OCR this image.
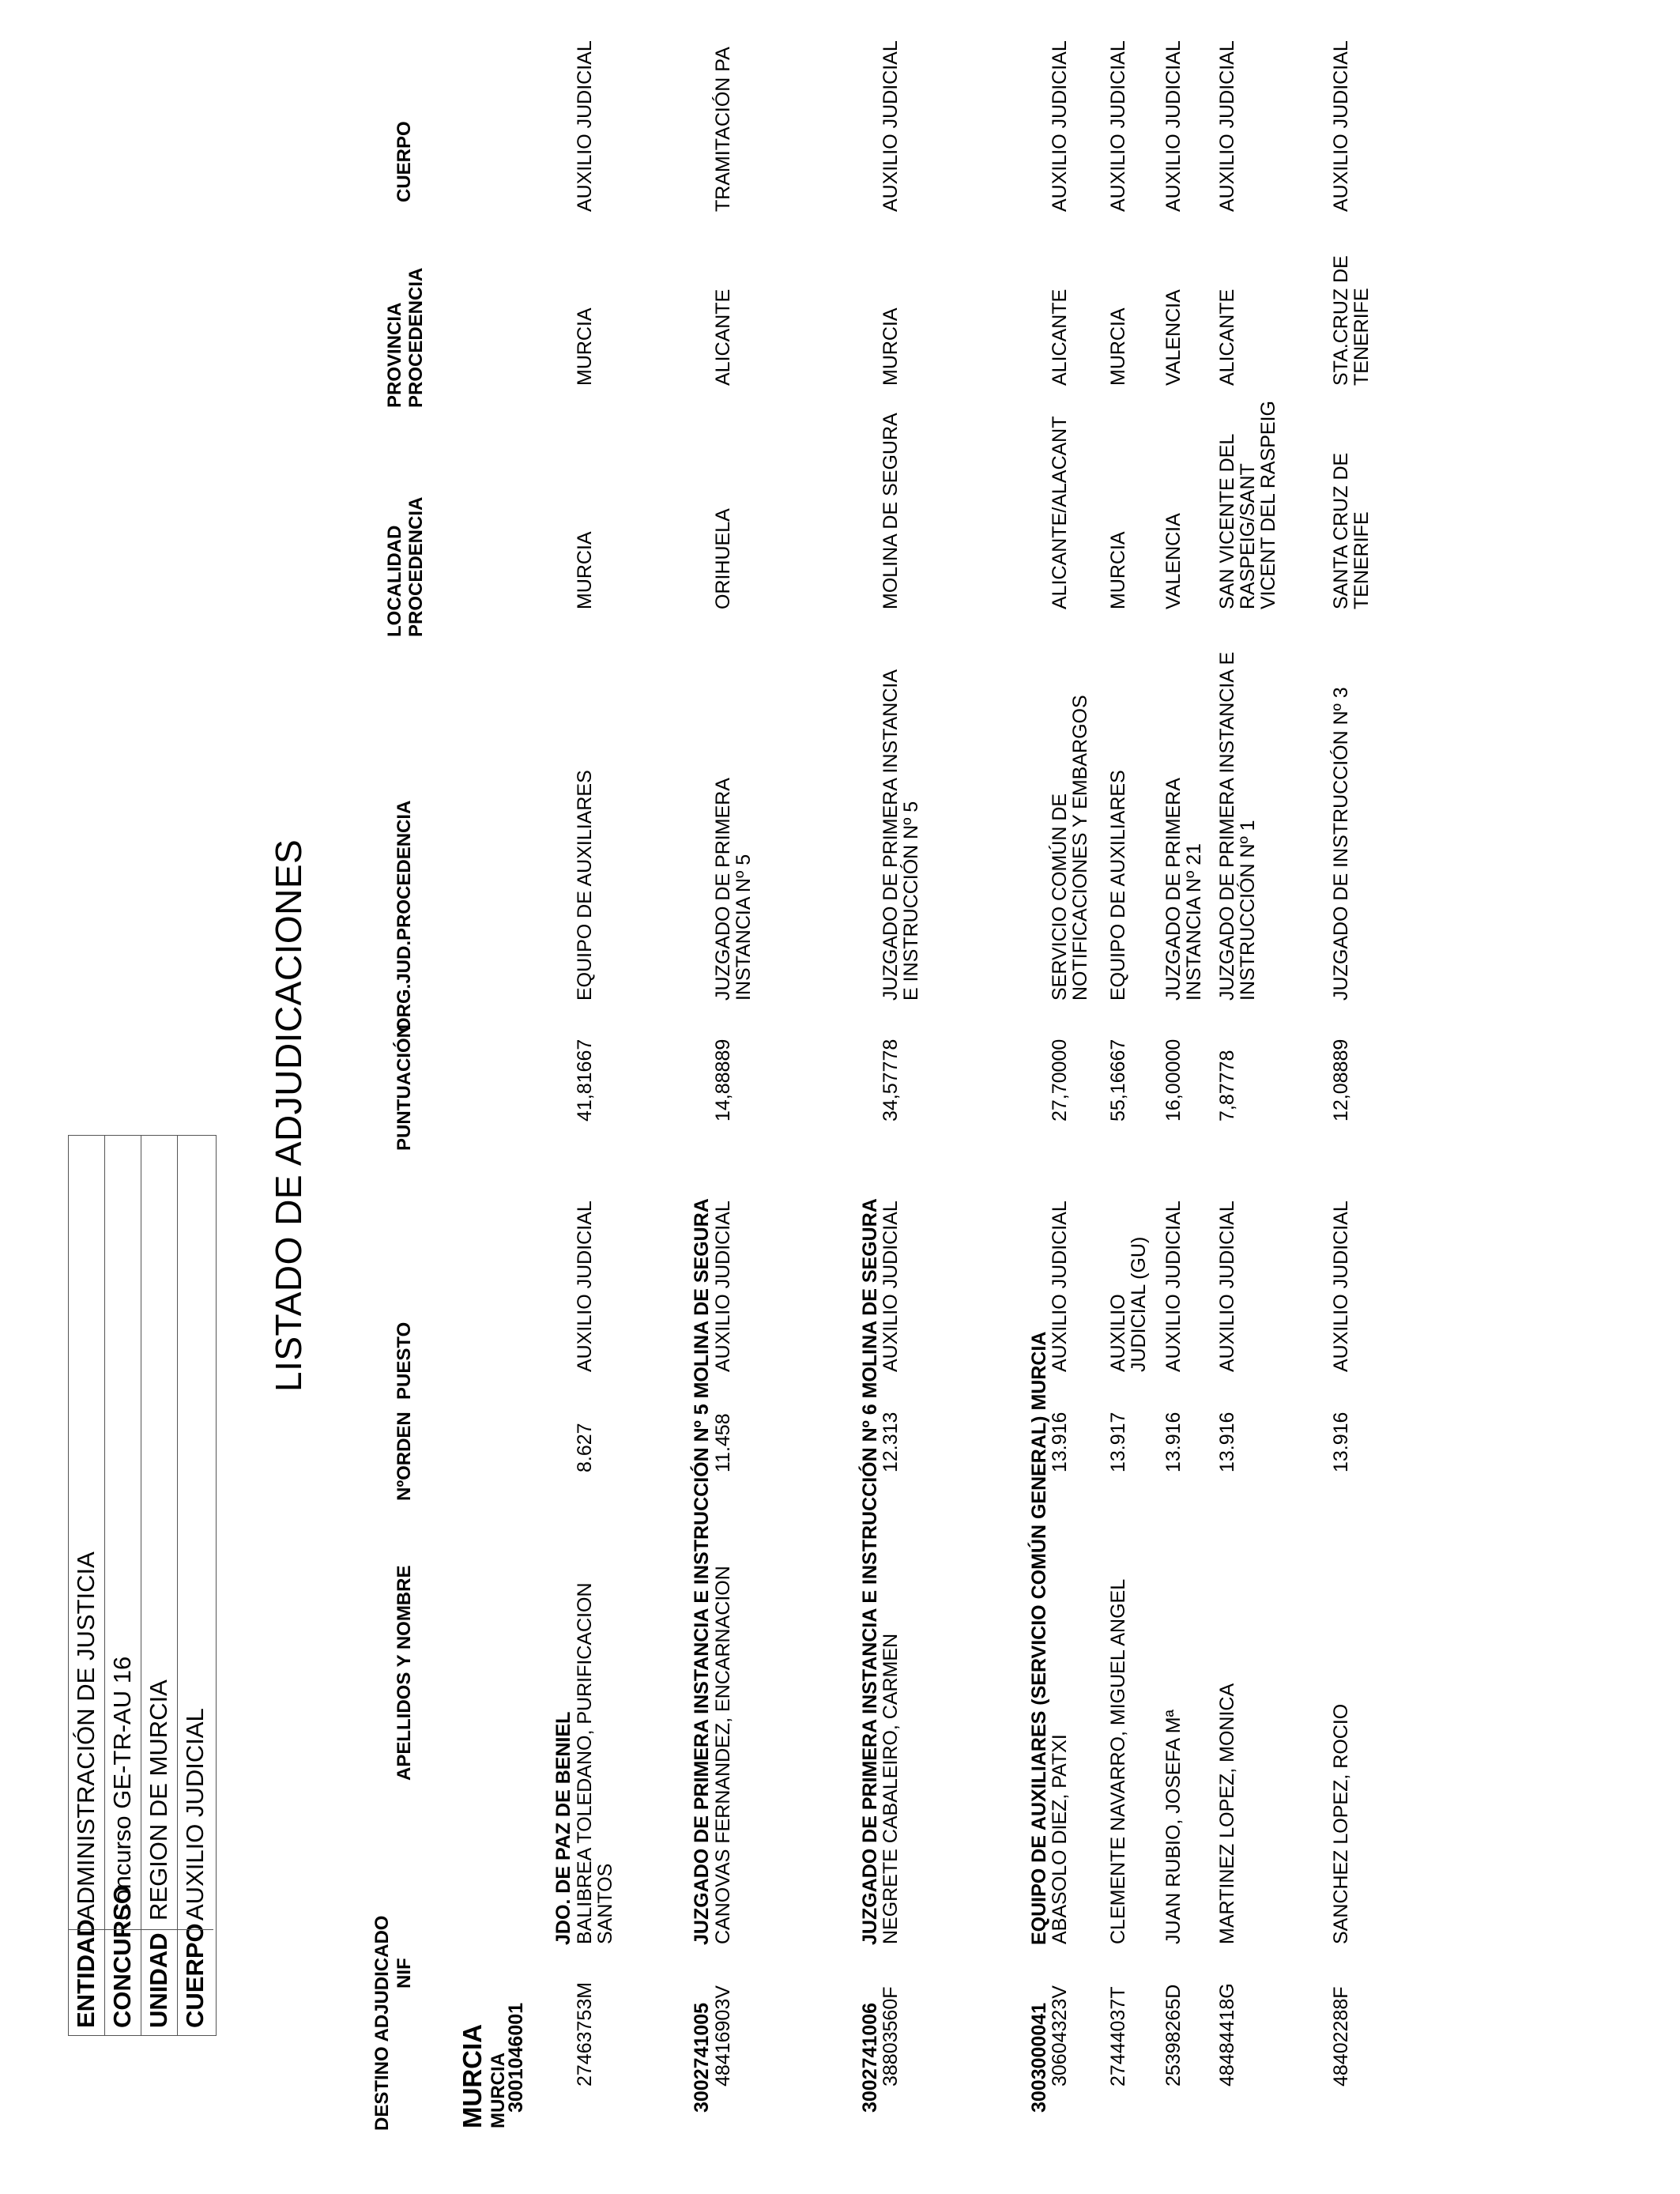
ENTIDAD
ADMINISTRACIÓN DE JUSTICIA
CONCURSO
Concurso GE-TR-AU 16
UNIDAD
REGION DE MURCIA
CUERPO
AUXILIO JUDICIAL
LISTADO DE ADJUDICACIONES
DESTINO ADJUDICADO NIF
APELLIDOS Y NOMBRE
NºORDEN
PUESTO
PUNTUACIÓN
ORG.JUD.PROCEDENCIA
LOCALIDAD PROCEDENCIA
PROVINCIA PROCEDENCIA
CUERPO
MURCIA MURCIA
3001046001
JDO. DE PAZ DE BENIEL
27463753M
BALIBREA TOLEDANO, PURIFICACION SANTOS
8.627
AUXILIO JUDICIAL
41,81667
EQUIPO DE AUXILIARES
MURCIA
MURCIA
AUXILIO JUDICIAL
3002741005
JUZGADO DE PRIMERA INSTANCIA E INSTRUCCIÓN Nº 5 MOLINA DE SEGURA
48416903V
CANOVAS FERNANDEZ, ENCARNACION
11.458
AUXILIO JUDICIAL
14,88889
JUZGADO DE PRIMERA INSTANCIA Nº 5
ORIHUELA
ALICANTE
TRAMITACIÓN PA
3002741006
JUZGADO DE PRIMERA INSTANCIA E INSTRUCCIÓN Nº 6 MOLINA DE SEGURA
38803560F
NEGRETE CABALEIRO, CARMEN
12.313
AUXILIO JUDICIAL
34,57778
JUZGADO DE PRIMERA INSTANCIA E INSTRUCCIÓN Nº 5
MOLINA DE SEGURA
MURCIA
AUXILIO JUDICIAL
3003000041
EQUIPO DE AUXILIARES (SERVICIO COMÚN GENERAL) MURCIA
30604323V
ABASOLO DIEZ, PATXI
13.916
AUXILIO JUDICIAL
27,70000
SERVICIO COMÚN DE NOTIFICACIONES Y EMBARGOS
ALICANTE/ALACANT
ALICANTE
AUXILIO JUDICIAL
27444037T
CLEMENTE NAVARRO, MIGUEL ANGEL
13.917
AUXILIO JUDICIAL (GU)
55,16667
EQUIPO DE AUXILIARES
MURCIA
MURCIA
AUXILIO JUDICIAL
25398265D
JUAN RUBIO, JOSEFA Mª
13.916
AUXILIO JUDICIAL
16,00000
JUZGADO DE PRIMERA INSTANCIA Nº 21
VALENCIA
VALENCIA
AUXILIO JUDICIAL
48484418G
MARTINEZ LOPEZ, MONICA
13.916
AUXILIO JUDICIAL
7,87778
JUZGADO DE PRIMERA INSTANCIA E INSTRUCCIÓN Nº 1
SAN VICENTE DEL RASPEIG/SANT VICENT DEL RASPEIG
ALICANTE
AUXILIO JUDICIAL
48402288F
SANCHEZ LOPEZ, ROCIO
13.916
AUXILIO JUDICIAL
12,08889
JUZGADO DE INSTRUCCIÓN Nº 3
SANTA CRUZ DE TENERIFE
STA.CRUZ DE TENERIFE
AUXILIO JUDICIAL
